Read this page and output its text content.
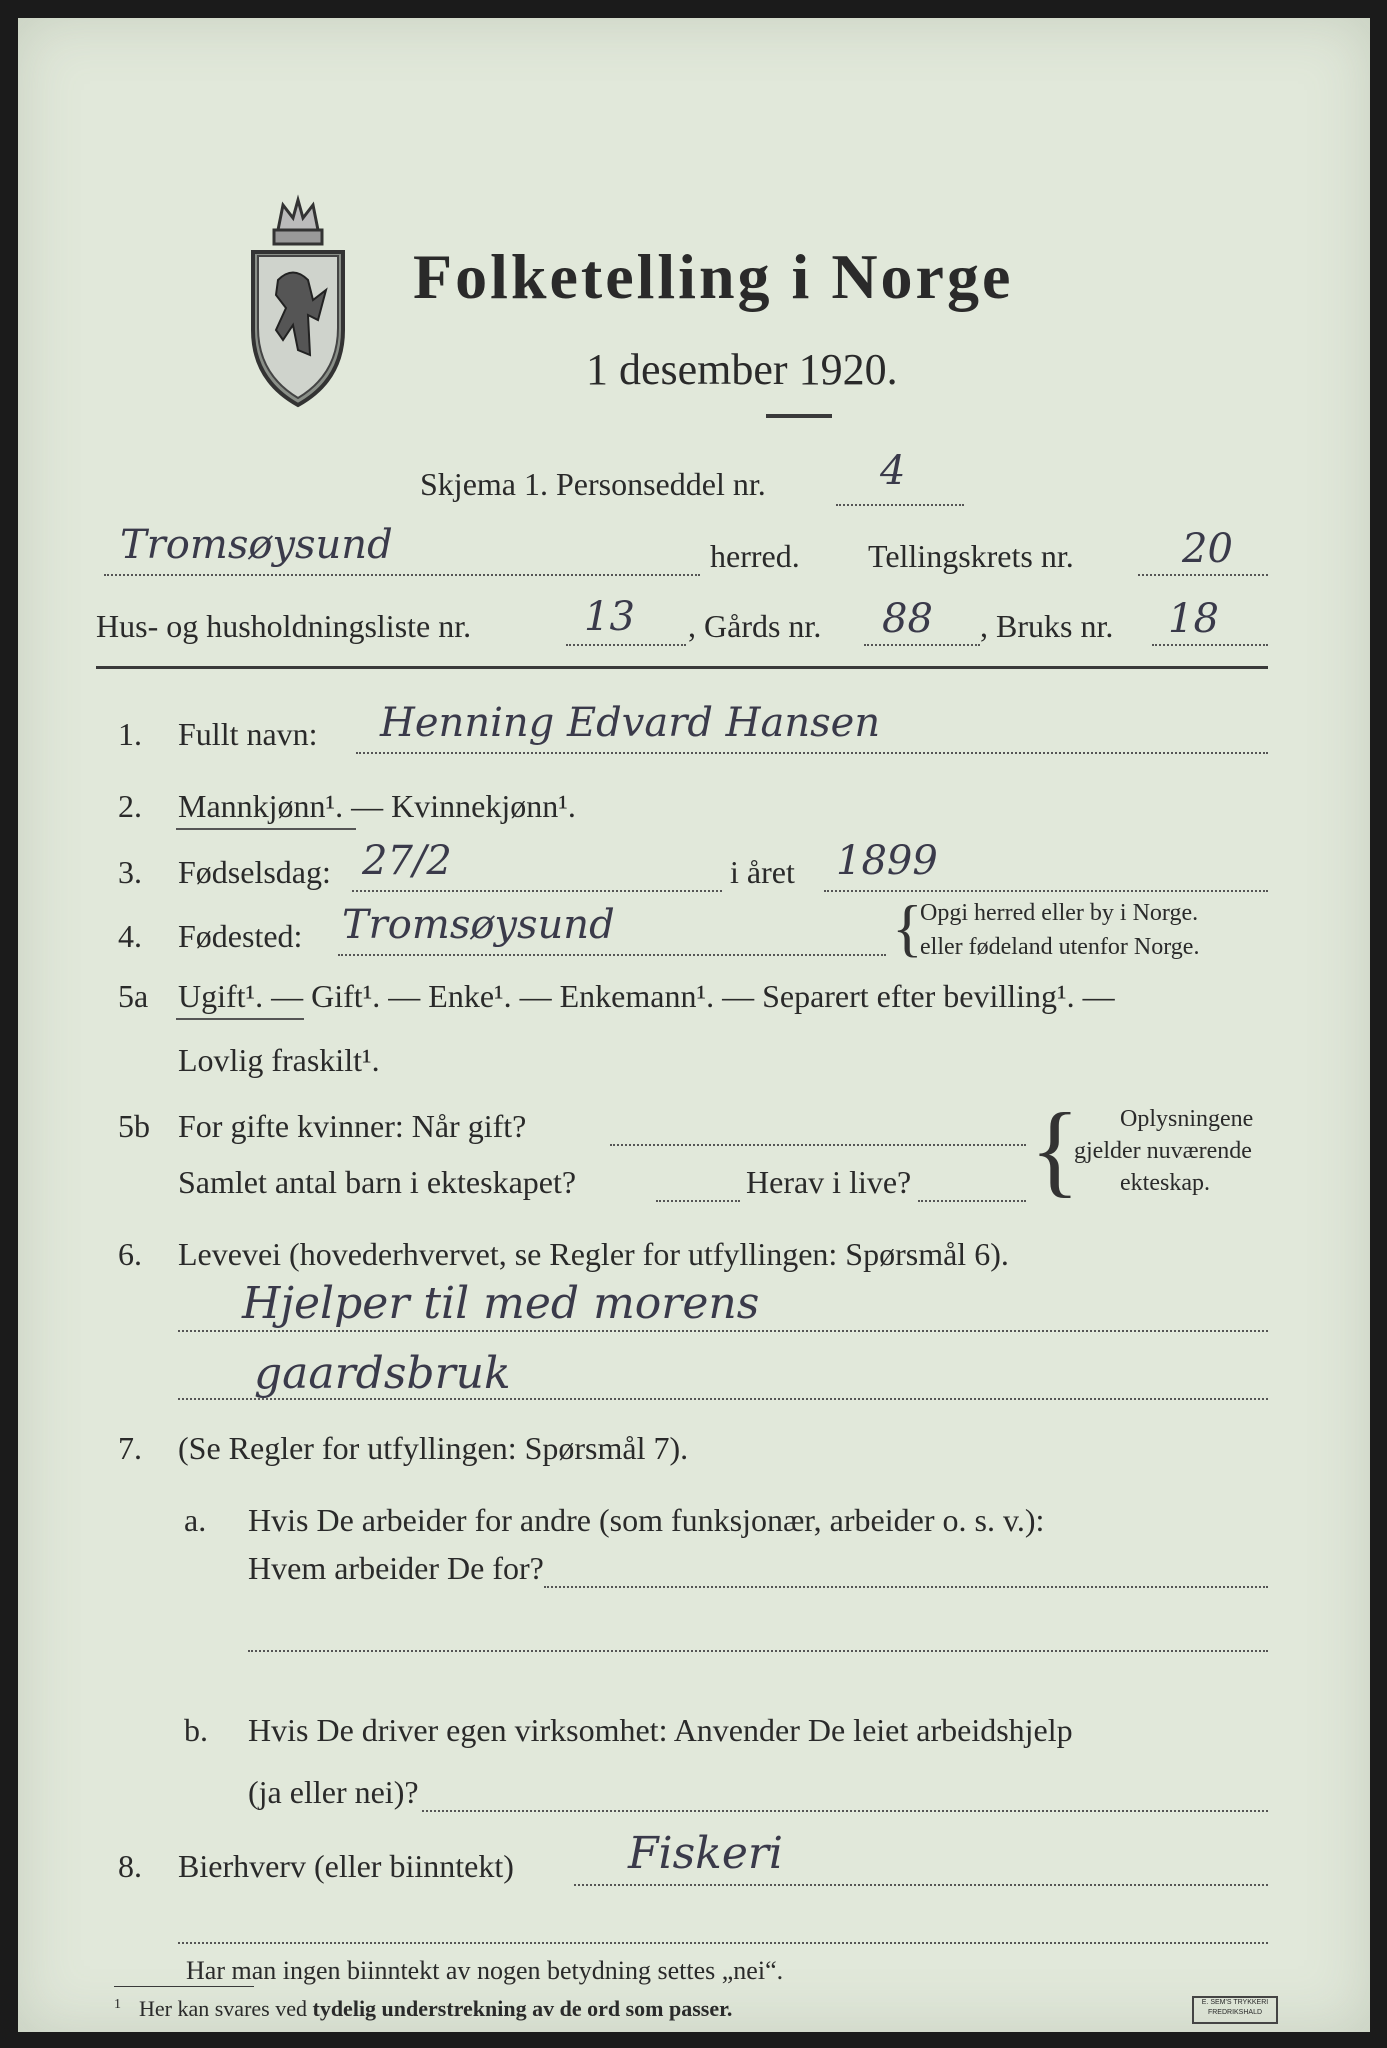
Folketelling i Norge
1 desember 1920.
Skjema 1. Personseddel nr.	4
Tromsøysund	herred. Tellingskrets nr.	20
Hus- og husholdningsliste nr.	13 , Gårds nr. 88 , Bruks nr. 18
1. Fullt navn: Henning Edvard Hansen
2. Mannkjønn¹. — Kvinnekjønn¹.
3. Fødselsdag: 27/2	i året 1899
4. Fødested: Tromsøysund	{
Opgi herred eller by i Norge.
eller fødeland utenfor Norge.
5a Ugift¹. — Gift¹. — Enke¹. — Enkemann¹. — Separert efter bevilling¹. —
Lovlig fraskilt¹.
5b For gifte kvinner: Når gift?
Samlet antal barn i ekteskapet?	Herav i live? { Oplysningene
gjelder nuværende
ekteskap.
6. Levevei (hovederhvervet, se Regler for utfyllingen: Spørsmål 6).
Hjelper til med morens
gaardsbruk
7. (Se Regler for utfyllingen: Spørsmål 7).
a. Hvis De arbeider for andre (som funksjonær, arbeider o. s. v.):
Hvem arbeider De for?
b. Hvis De driver egen virksomhet: Anvender De leiet arbeidshjelp
(ja eller nei)?
8. Bierhverv (eller biinntekt)	Fiskeri
Har man ingen biinntekt av nogen betydning settes „nei“.
$^1$ Her kan svares ved tydelig understrekning av de ord som passer.	E. SEM'S TRYKKERI
FREDRIKSHALD
